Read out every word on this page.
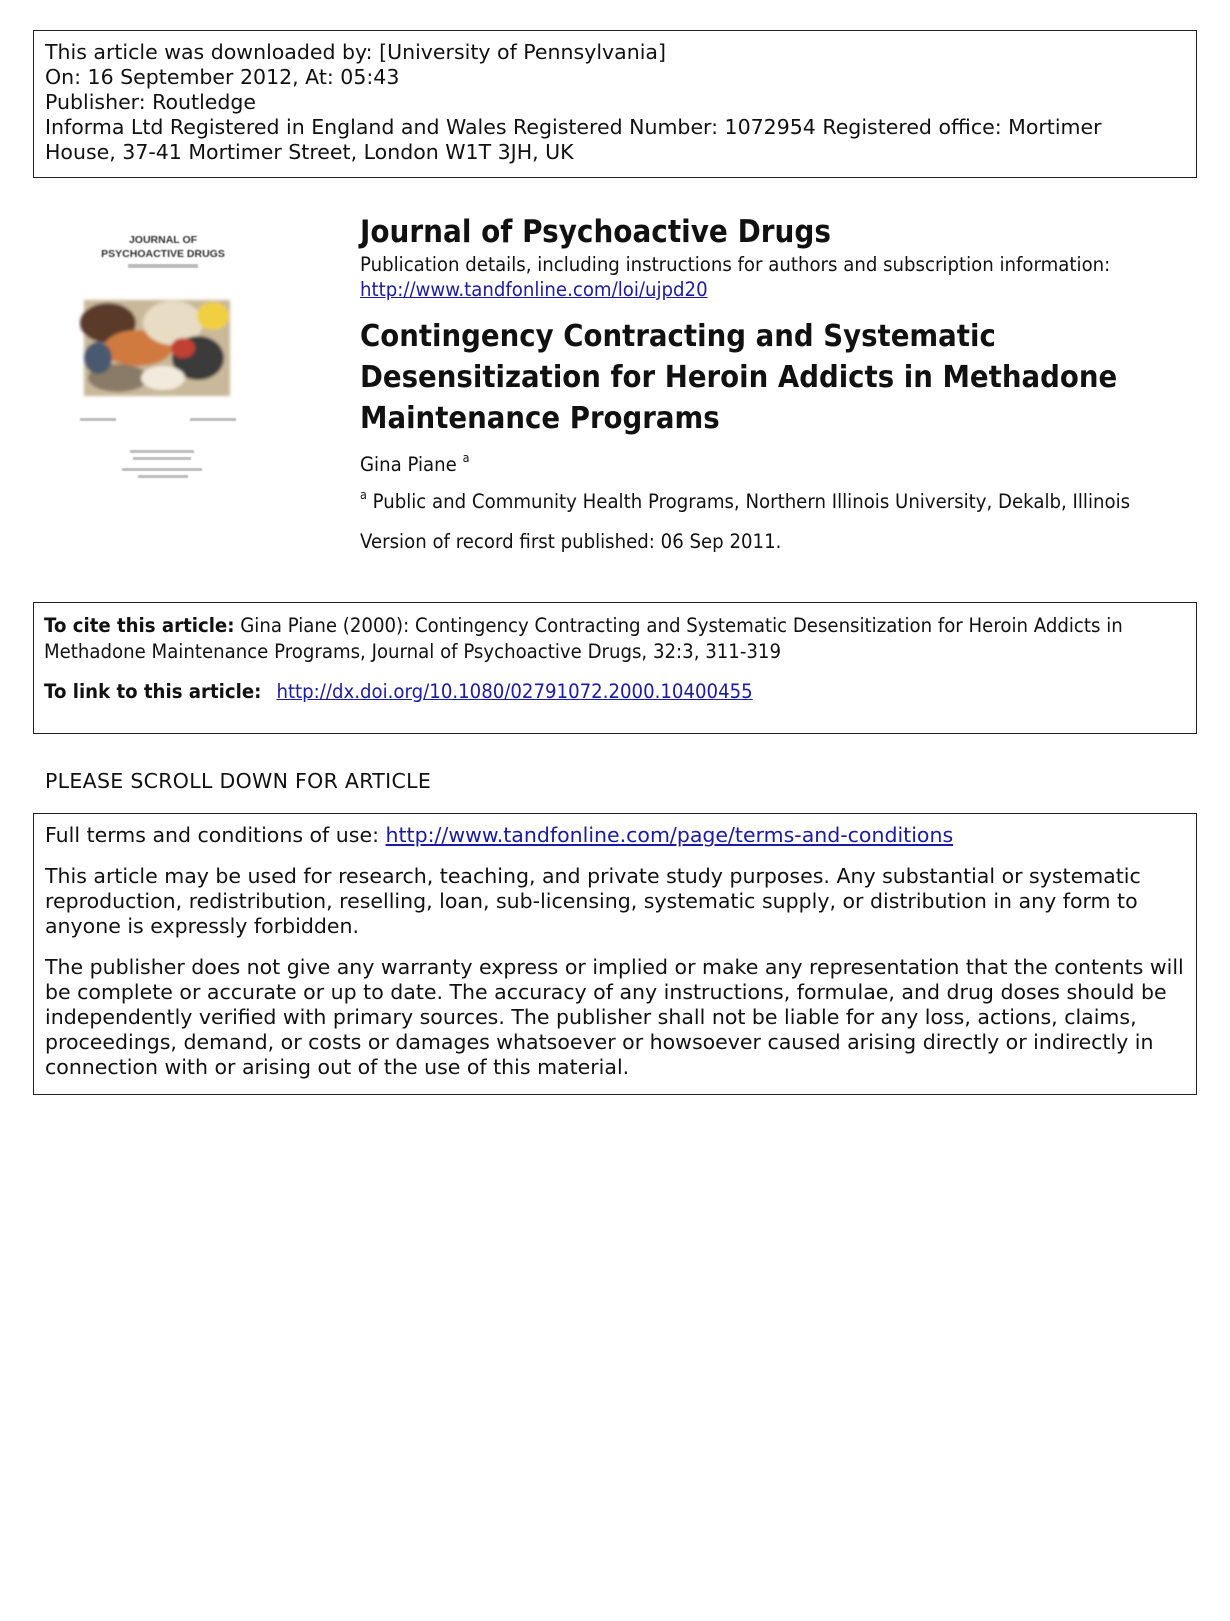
This article was downloaded by: [University of Pennsylvania]
On: 16 September 2012, At: 05:43
Publisher: Routledge
Informa Ltd Registered in England and Wales Registered Number: 1072954 Registered office: Mortimer
House, 37-41 Mortimer Street, London W1T 3JH, UK
JOURNAL OF
PSYCHOACTIVE DRUGS
Journal of Psychoactive Drugs
Publication details, including instructions for authors and subscription information:
http://www.tandfonline.com/loi/ujpd20
Contingency Contracting and Systematic
Desensitization for Heroin Addicts in Methadone
Maintenance Programs
Gina Piane $^a$
$^a$ Public and Community Health Programs, Northern Illinois University, Dekalb, Illinois
Version of record first published: 06 Sep 2011.
To cite this article: Gina Piane (2000): Contingency Contracting and Systematic Desensitization for Heroin Addicts in Methadone Maintenance Programs, Journal of Psychoactive Drugs, 32:3, 311-319
To link to this article: http://dx.doi.org/10.1080/02791072.2000.10400455
PLEASE SCROLL DOWN FOR ARTICLE
Full terms and conditions of use: http://www.tandfonline.com/page/terms-and-conditions

This article may be used for research, teaching, and private study purposes. Any substantial or systematic reproduction, redistribution, reselling, loan, sub-licensing, systematic supply, or distribution in any form to anyone is expressly forbidden.

The publisher does not give any warranty express or implied or make any representation that the contents will be complete or accurate or up to date. The accuracy of any instructions, formulae, and drug doses should be independently verified with primary sources. The publisher shall not be liable for any loss, actions, claims, proceedings, demand, or costs or damages whatsoever or howsoever caused arising directly or indirectly in connection with or arising out of the use of this material.
